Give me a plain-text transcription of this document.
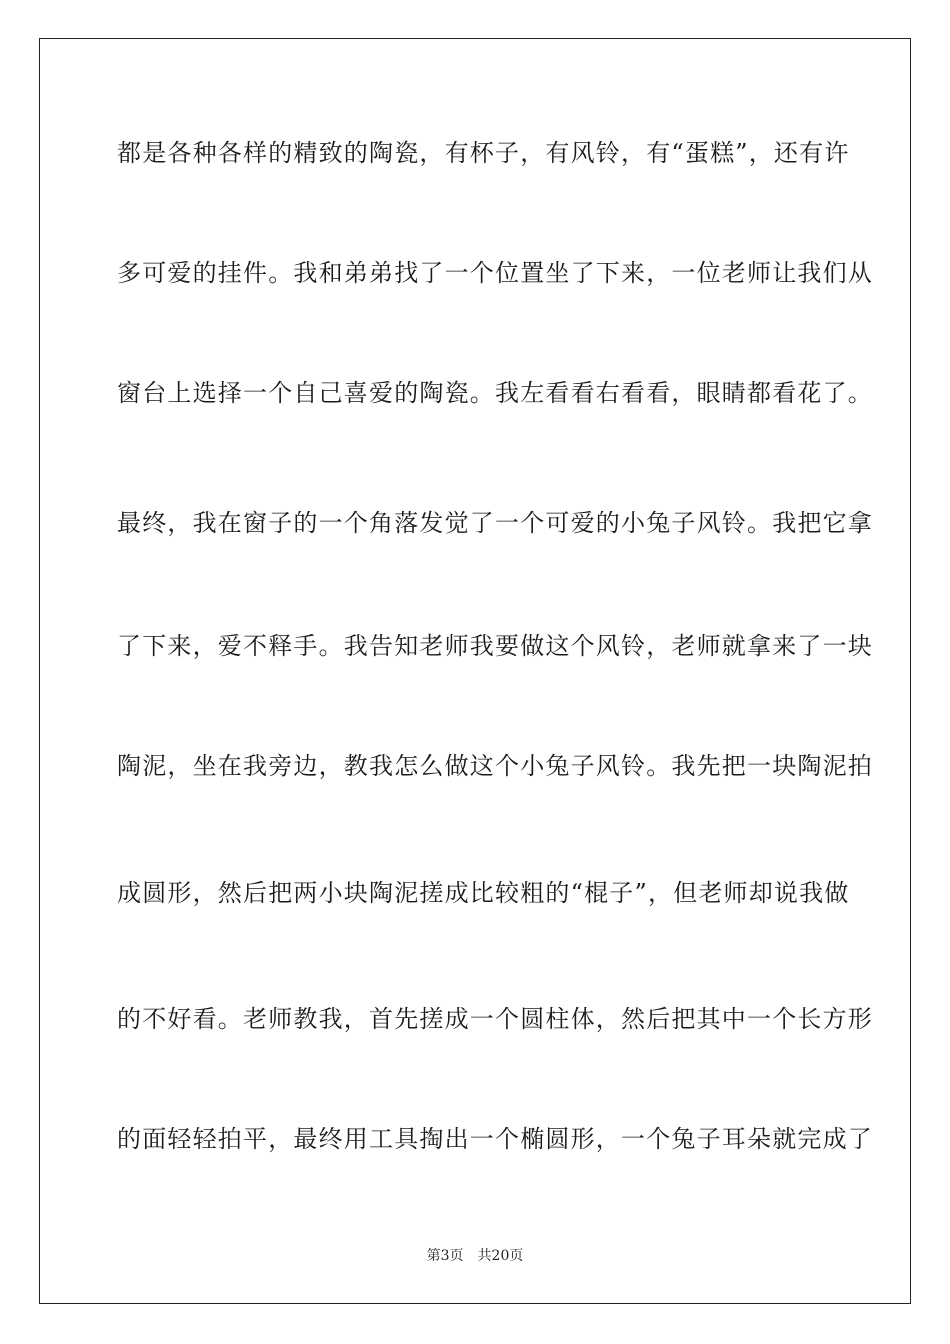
都是各种各样的精致的陶瓷，有杯子，有风铃，有“蛋糕”，还有许
多可爱的挂件。我和弟弟找了一个位置坐了下来，一位老师让我们从
窗台上选择一个自己喜爱的陶瓷。我左看看右看看，眼睛都看花了。
最终，我在窗子的一个角落发觉了一个可爱的小兔子风铃。我把它拿
了下来，爱不释手。我告知老师我要做这个风铃，老师就拿来了一块
陶泥，坐在我旁边，教我怎么做这个小兔子风铃。我先把一块陶泥拍
成圆形，然后把两小块陶泥搓成比较粗的“棍子”，但老师却说我做
的不好看。老师教我，首先搓成一个圆柱体，然后把其中一个长方形
的面轻轻拍平，最终用工具掏出一个椭圆形，一个兔子耳朵就完成了
第3页 共20页
